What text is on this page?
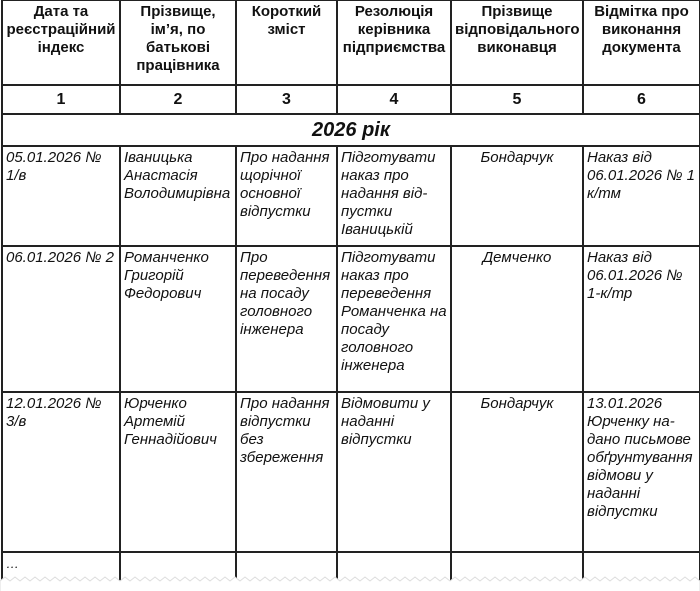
Дата та реєстраційний індекс	Прізвище, ім’я, по батькові працівника	Короткий зміст	Резолюція керівника підприємства	Прізвище відповідального виконавця	Відмітка про виконання документа
1	2	3	4	5	6
2026 рік					
05.01.2026 № 1/в	Іваницька Анастасія Володимирівна	Про надання щорічної основної відпустки	Підготувати наказ про надання від-пустки Іваницькій	Бондарчук	Наказ від 06.01.2026 № 1 к/тм
06.01.2026 № 2	Романченко Григорій Федорович	Про переведення на посаду головного інженера	Підготувати наказ про переведення Романченка на посаду головного інженера	Демченко	Наказ від 06.01.2026 № 1-к/тр
12.01.2026 № 3/в	Юрченко Артемій Геннадійович	Про надання відпустки без збереження	Відмовити у наданні відпустки	Бондарчук	13.01.2026 Юрченку на-дано письмове обґрунтування відмови у наданні відпустки
…					
